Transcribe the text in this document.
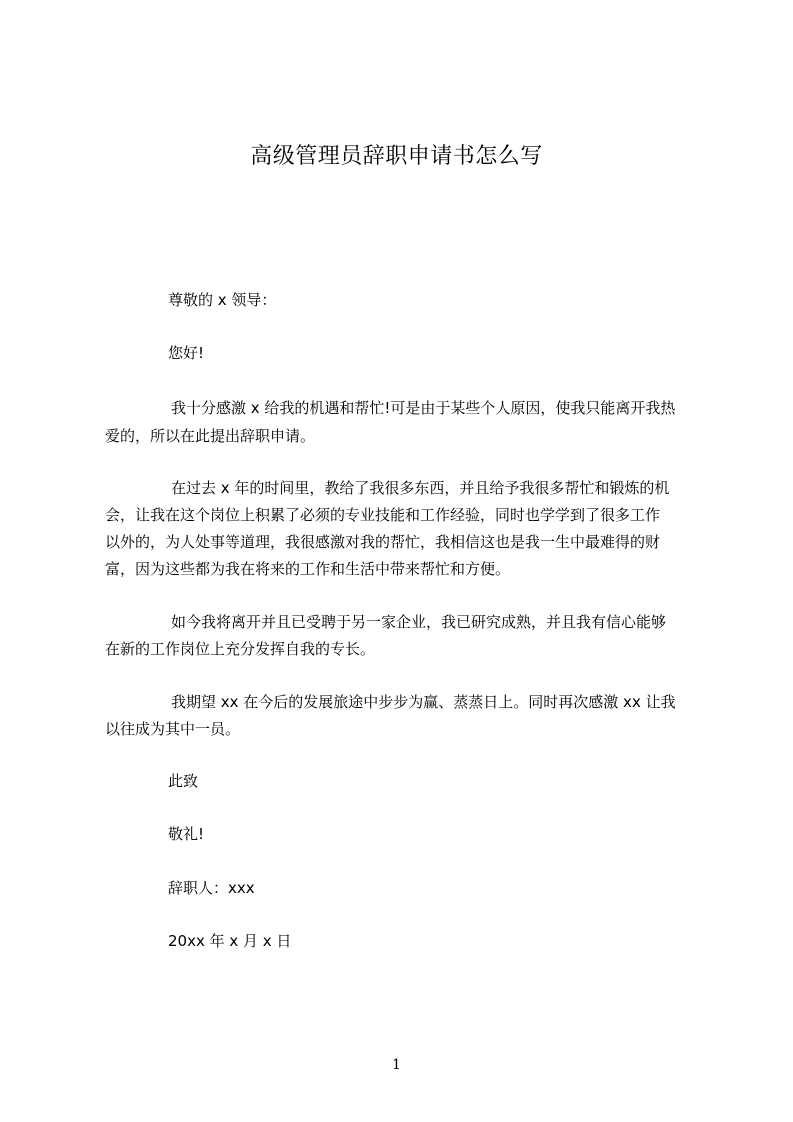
高级管理员辞职申请书怎么写
尊敬的 x 领导：
您好!
我十分感激 x 给我的机遇和帮忙!可是由于某些个人原因，使我只能离开我热
爱的，所以在此提出辞职申请。
在过去 x 年的时间里，教给了我很多东西，并且给予我很多帮忙和锻炼的机
会，让我在这个岗位上积累了必须的专业技能和工作经验，同时也学学到了很多工作
以外的，为人处事等道理，我很感激对我的帮忙，我相信这也是我一生中最难得的财
富，因为这些都为我在将来的工作和生活中带来帮忙和方便。
如今我将离开并且已受聘于另一家企业，我已研究成熟，并且我有信心能够
在新的工作岗位上充分发挥自我的专长。
我期望 xx 在今后的发展旅途中步步为赢、蒸蒸日上。同时再次感激 xx 让我
以往成为其中一员。
此致
敬礼!
辞职人：xxx
20xx 年 x 月 x 日
1
